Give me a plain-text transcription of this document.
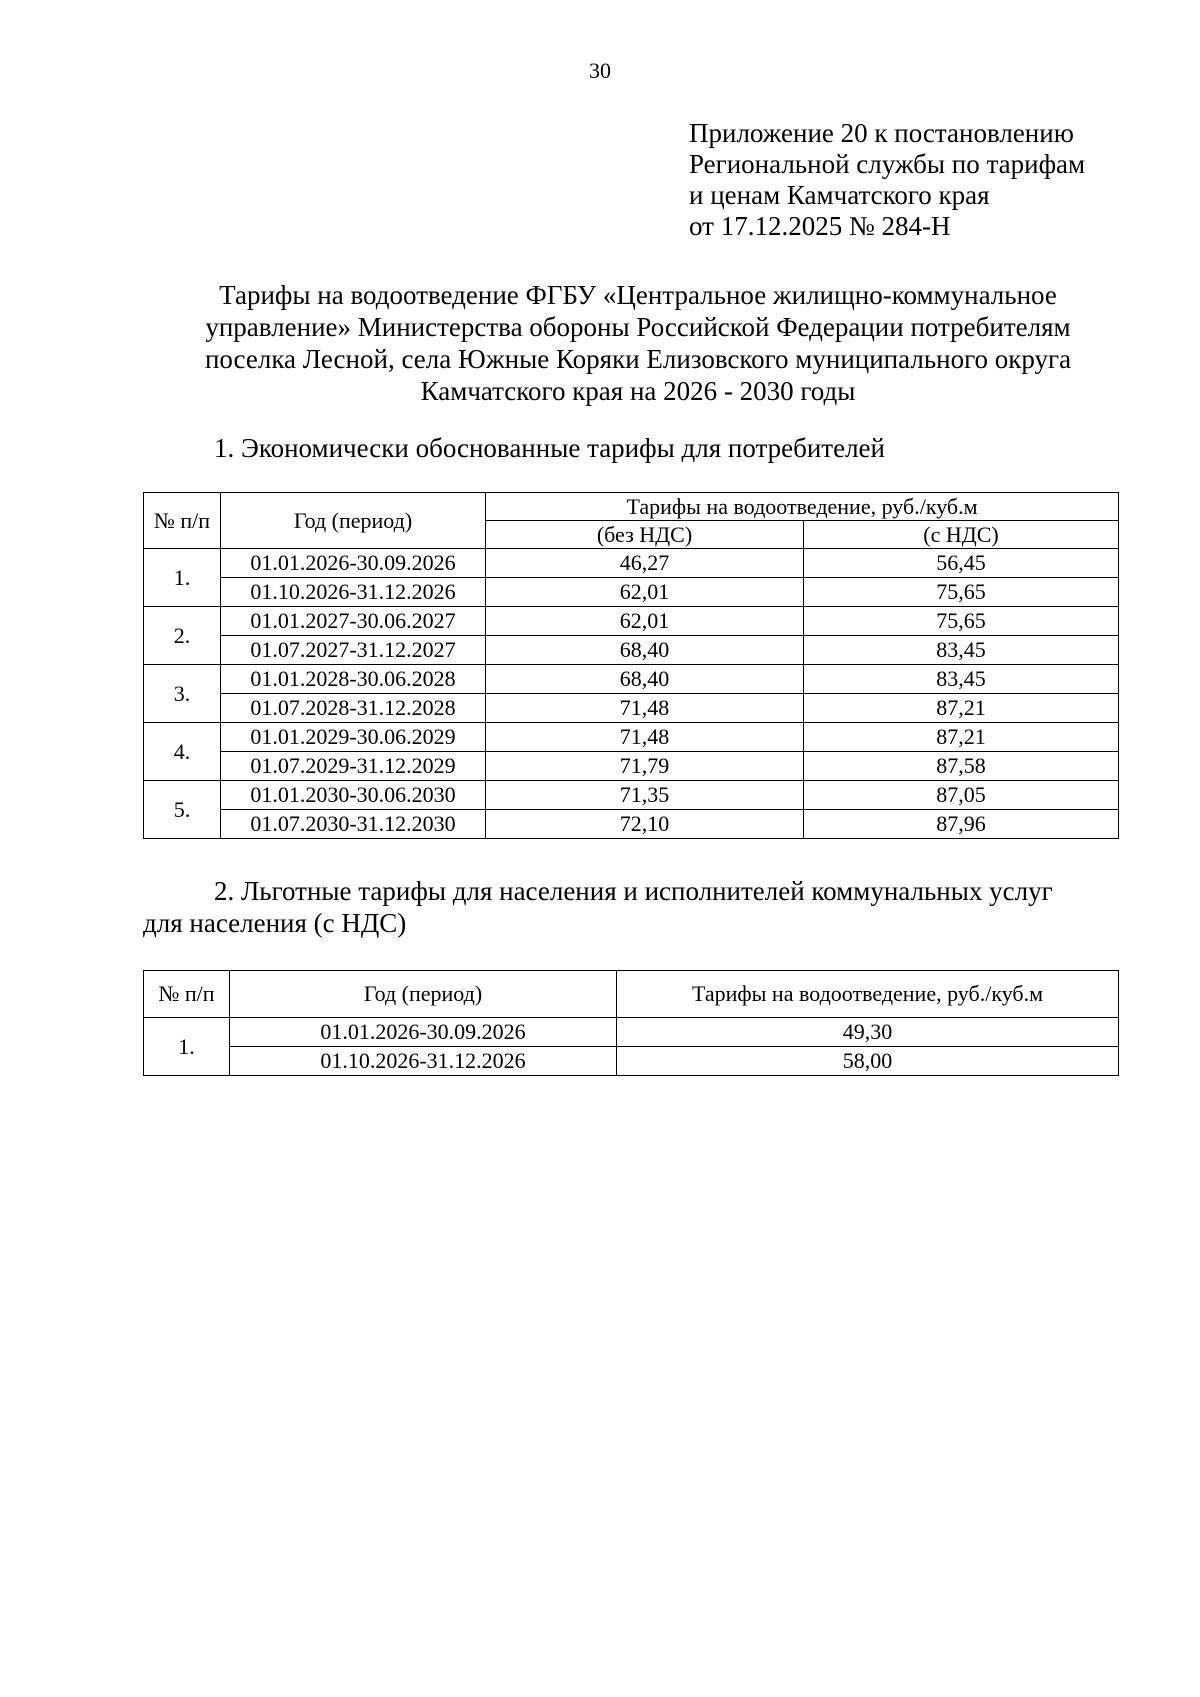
30
Приложение 20 к постановлению
Региональной службы по тарифам
и ценам Камчатского края
от 17.12.2025 № 284-Н
Тарифы на водоотведение ФГБУ «Центральное жилищно-коммунальное
управление» Министерства обороны Российской Федерации потребителям
поселка Лесной, села Южные Коряки Елизовского муниципального округа
Камчатского края на 2026 - 2030 годы
1. Экономически обоснованные тарифы для потребителей
№ п/п	Год (период)	Тарифы на водоотведение, руб./куб.м	
		(без НДС)	(с НДС)
1.	01.01.2026-30.09.2026	46,27	56,45
	01.10.2026-31.12.2026	62,01	75,65
2.	01.01.2027-30.06.2027	62,01	75,65
	01.07.2027-31.12.2027	68,40	83,45
3.	01.01.2028-30.06.2028	68,40	83,45
	01.07.2028-31.12.2028	71,48	87,21
4.	01.01.2029-30.06.2029	71,48	87,21
	01.07.2029-31.12.2029	71,79	87,58
5.	01.01.2030-30.06.2030	71,35	87,05
	01.07.2030-31.12.2030	72,10	87,96
2. Льготные тарифы для населения и исполнителей коммунальных услуг
для населения (с НДС)
№ п/п	Год (период)	Тарифы на водоотведение, руб./куб.м
1.	01.01.2026-30.09.2026	49,30
	01.10.2026-31.12.2026	58,00
